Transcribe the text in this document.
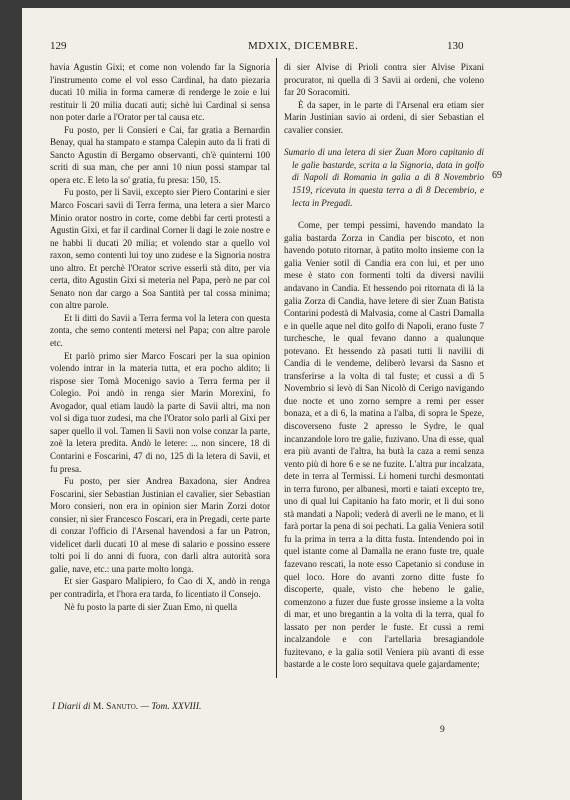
129	MDXIX, DICEMBRE.	130

havia Agustin Gixi; et come non volendo far la Signoria l'instrumento come el vol esso Cardinal, ha dato piezaria ducati 10 milia in forma cameræ di renderge le zoie e lui restituir li 20 milia ducati auti; sichè lui Cardinal si sensa non poter darle a l'Orator per tal causa etc.

Fu posto, per li Consieri e Cai, far gratia a Bernardin Benay, qual ha stampato e stampa Calepin auto da li frati di Sancto Agustin di Bergamo observanti, ch'è quinterni 100 scriti di sua man, che per anni 10 niun possi stampar tal opera etc. E leto la so' gratia, fu presa: 150, 15.

Fu posto, per li Savii, excepto sier Piero Contarini e sier Marco Foscari savii di Terra ferma, una letera a sier Marco Minio orator nostro in corte, come debbi far certi protesti a Agustin Gixi, et far il cardinal Corner li dagi le zoie nostre e ne habbi li ducati 20 milia; et volendo star a quello vol raxon, semo contenti lui toy uno zudese e la Signoria nostra uno altro. Et perchè l'Orator scrive esserli stà dito, per via certa, dito Agustin Gixi si meteria nel Papa, però ne par col Senato non dar cargo a Soa Santità per tal cossa minima; con altre parole.

Et li ditti do Savii a Terra ferma vol la letera con questa zonta, che semo contenti metersi nel Papa; con altre parole etc.

Et parlò primo sier Marco Foscari per la sua opinion volendo intrar in la materia tutta, et era pocho aldito; li rispose sier Tomà Mocenigo savio a Terra ferma per il Colegio. Poi andò in renga sier Marin Morexini, fo Avogador, qual etiam laudò la parte di Savii altri, ma non vol si diga tuor zudesi, ma che l'Orator solo parli al Gixi per saper quello il vol. Tamen li Savii non volse conzar la parte, zoè la letera predita. Andò le letere: ... non sincere, 18 di Contarini e Foscarini, 47 di no, 125 di la letera di Savii, et fu presa.

Fu posto, per sier Andrea Baxadona, sier Andrea Foscarini, sier Sebastian Justinian el cavalier, sier Sebastian Moro consieri, non era in opinion sier Marin Zorzi dotor consier, nì sier Francesco Foscari, era in Pregadi, certe parte di conzar l'officio di l'Arsenal havendosi a far un Patron, videlicet darli ducati 10 al mese di salario e possino essere tolti poi li do anni di fuora, con darli altra autorità sora galie, nave, etc.: una parte molto longa.

Et sier Gasparo Malipiero, fo Cao di X, andò in renga per contradirla, et l'hora era tarda, fo licentiato il Consejo.

Nè fu posto la parte di sier Zuan Emo, nì quella

di sier Alvise di Prioli contra sier Alvise Pixani procurator, nì quella di 3 Savii ai ordeni, che voleno far 20 Soracomiti.

È da saper, in le parte di l'Arsenal era etiam sier Marin Justinian savio ai ordeni, di sier Sebastian el cavalier consier.

Sumario di una letera di sier Zuan Moro capitanio di le galie bastarde, scrita a la Signoria, data in golfo di Napoli di Romania in galia a dì 8 Novembrio 1519, ricevuta in questa terra a dì 8 Decembrio, e lecta in Pregadi.

Come, per tempi pessimi, havendo mandato la galia bastarda Zorza in Candia per biscoto, et non havendo potuto ritornar, à patito molto insieme con la galia Venier sotil di Candia era con lui, et per uno mese è stato con formenti tolti da diversi navilii andavano in Candia. Et hessendo poi ritornata di là la galia Zorza di Candia, have letere di sier Zuan Batista Contarini podestà di Malvasia, come al Castri Damalla e in quelle aque nel dito golfo di Napoli, erano fuste 7 turchesche, le qual fevano danno a qualunque potevano. Et hessendo zà pasati tutti li navilii di Candia di le vendeme, deliberò levarsi da Sasno et transferirse a la volta di tal fuste; et cussì a dì 5 Novembrio si levò di San Nicolò di Cerigo navigando due nocte et uno zorno sempre a remi per esser bonaza, et a dì 6, la matina a l'alba, di sopra le Speze, discoverseno fuste 2 apresso le Sydre, le qual incanzandole loro tre galie, fuzivano. Una di esse, qual era più avanti de l'altra, ha butà la caza a remi senza vento più di hore 6 e se ne fuzite. L'altra pur incalzata, dete in terra al Termissi. Li homeni turchi desmontati in terra furono, per albanesi, morti e taiati excepto tre, uno di qual lui Capitanio ha fato morir, et li dui sono stà mandati a Napoli; vederà di averli ne le mano, et li farà portar la pena di soi pechati. La galia Veniera sotil fu la prima in terra a la ditta fusta. Intendendo poi in quel istante come al Damalla ne erano fuste tre, quale fazevano rescati, la note esso Capetanio si conduse in quel loco. Hore do avanti zorno ditte fuste fo discoperte, quale, visto che hebeno le galie, comenzono a fuzer due fuste grosse insieme a la volta di mar, et uno bregantin a la volta di la terra, qual fo lassato per non perder le fuste. Et cussì a remi incalzandole e con l'artellaria bresagiandole fuzitevano, e la galia sotil Veniera più avanti di esse bastarde a le coste loro sequitava quele gajardamente;

69
I Diarii di M. Sanuto. — Tom. XXVIII.
9
